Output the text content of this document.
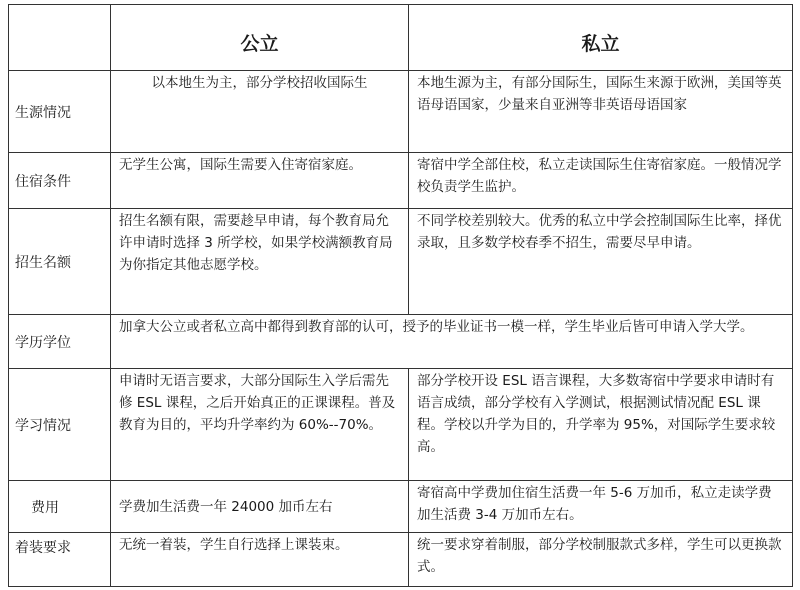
	公立	私立
生源情况	以本地生为主，部分学校招收国际生	本地生源为主，有部分国际生，国际生来源于欧洲，美国等英语母语国家，少量来自亚洲等非英语母语国家
住宿条件	无学生公寓，国际生需要入住寄宿家庭。	寄宿中学全部住校，私立走读国际生住寄宿家庭。一般情况学校负责学生监护。
招生名额	招生名额有限，需要趁早申请，每个教育局允许申请时选择 3 所学校，如果学校满额教育局为你指定其他志愿学校。	不同学校差别较大。优秀的私立中学会控制国际生比率，择优录取，且多数学校春季不招生，需要尽早申请。
学历学位	加拿大公立或者私立高中都得到教育部的认可，授予的毕业证书一模一样，学生毕业后皆可申请入学大学。	
学习情况	申请时无语言要求，大部分国际生入学后需先修 ESL 课程，之后开始真正的正课课程。普及教育为目的，平均升学率约为 60%--70%。	部分学校开设 ESL 语言课程，大多数寄宿中学要求申请时有语言成绩，部分学校有入学测试，根据测试情况配 ESL 课程。学校以升学为目的，升学率为 95%，对国际学生要求较高。
费用	学费加生活费一年 24000 加币左右	寄宿高中学费加住宿生活费一年 5-6 万加币，私立走读学费加生活费 3-4 万加币左右。
着装要求	无统一着装，学生自行选择上课装束。	统一要求穿着制服，部分学校制服款式多样，学生可以更换款式。
